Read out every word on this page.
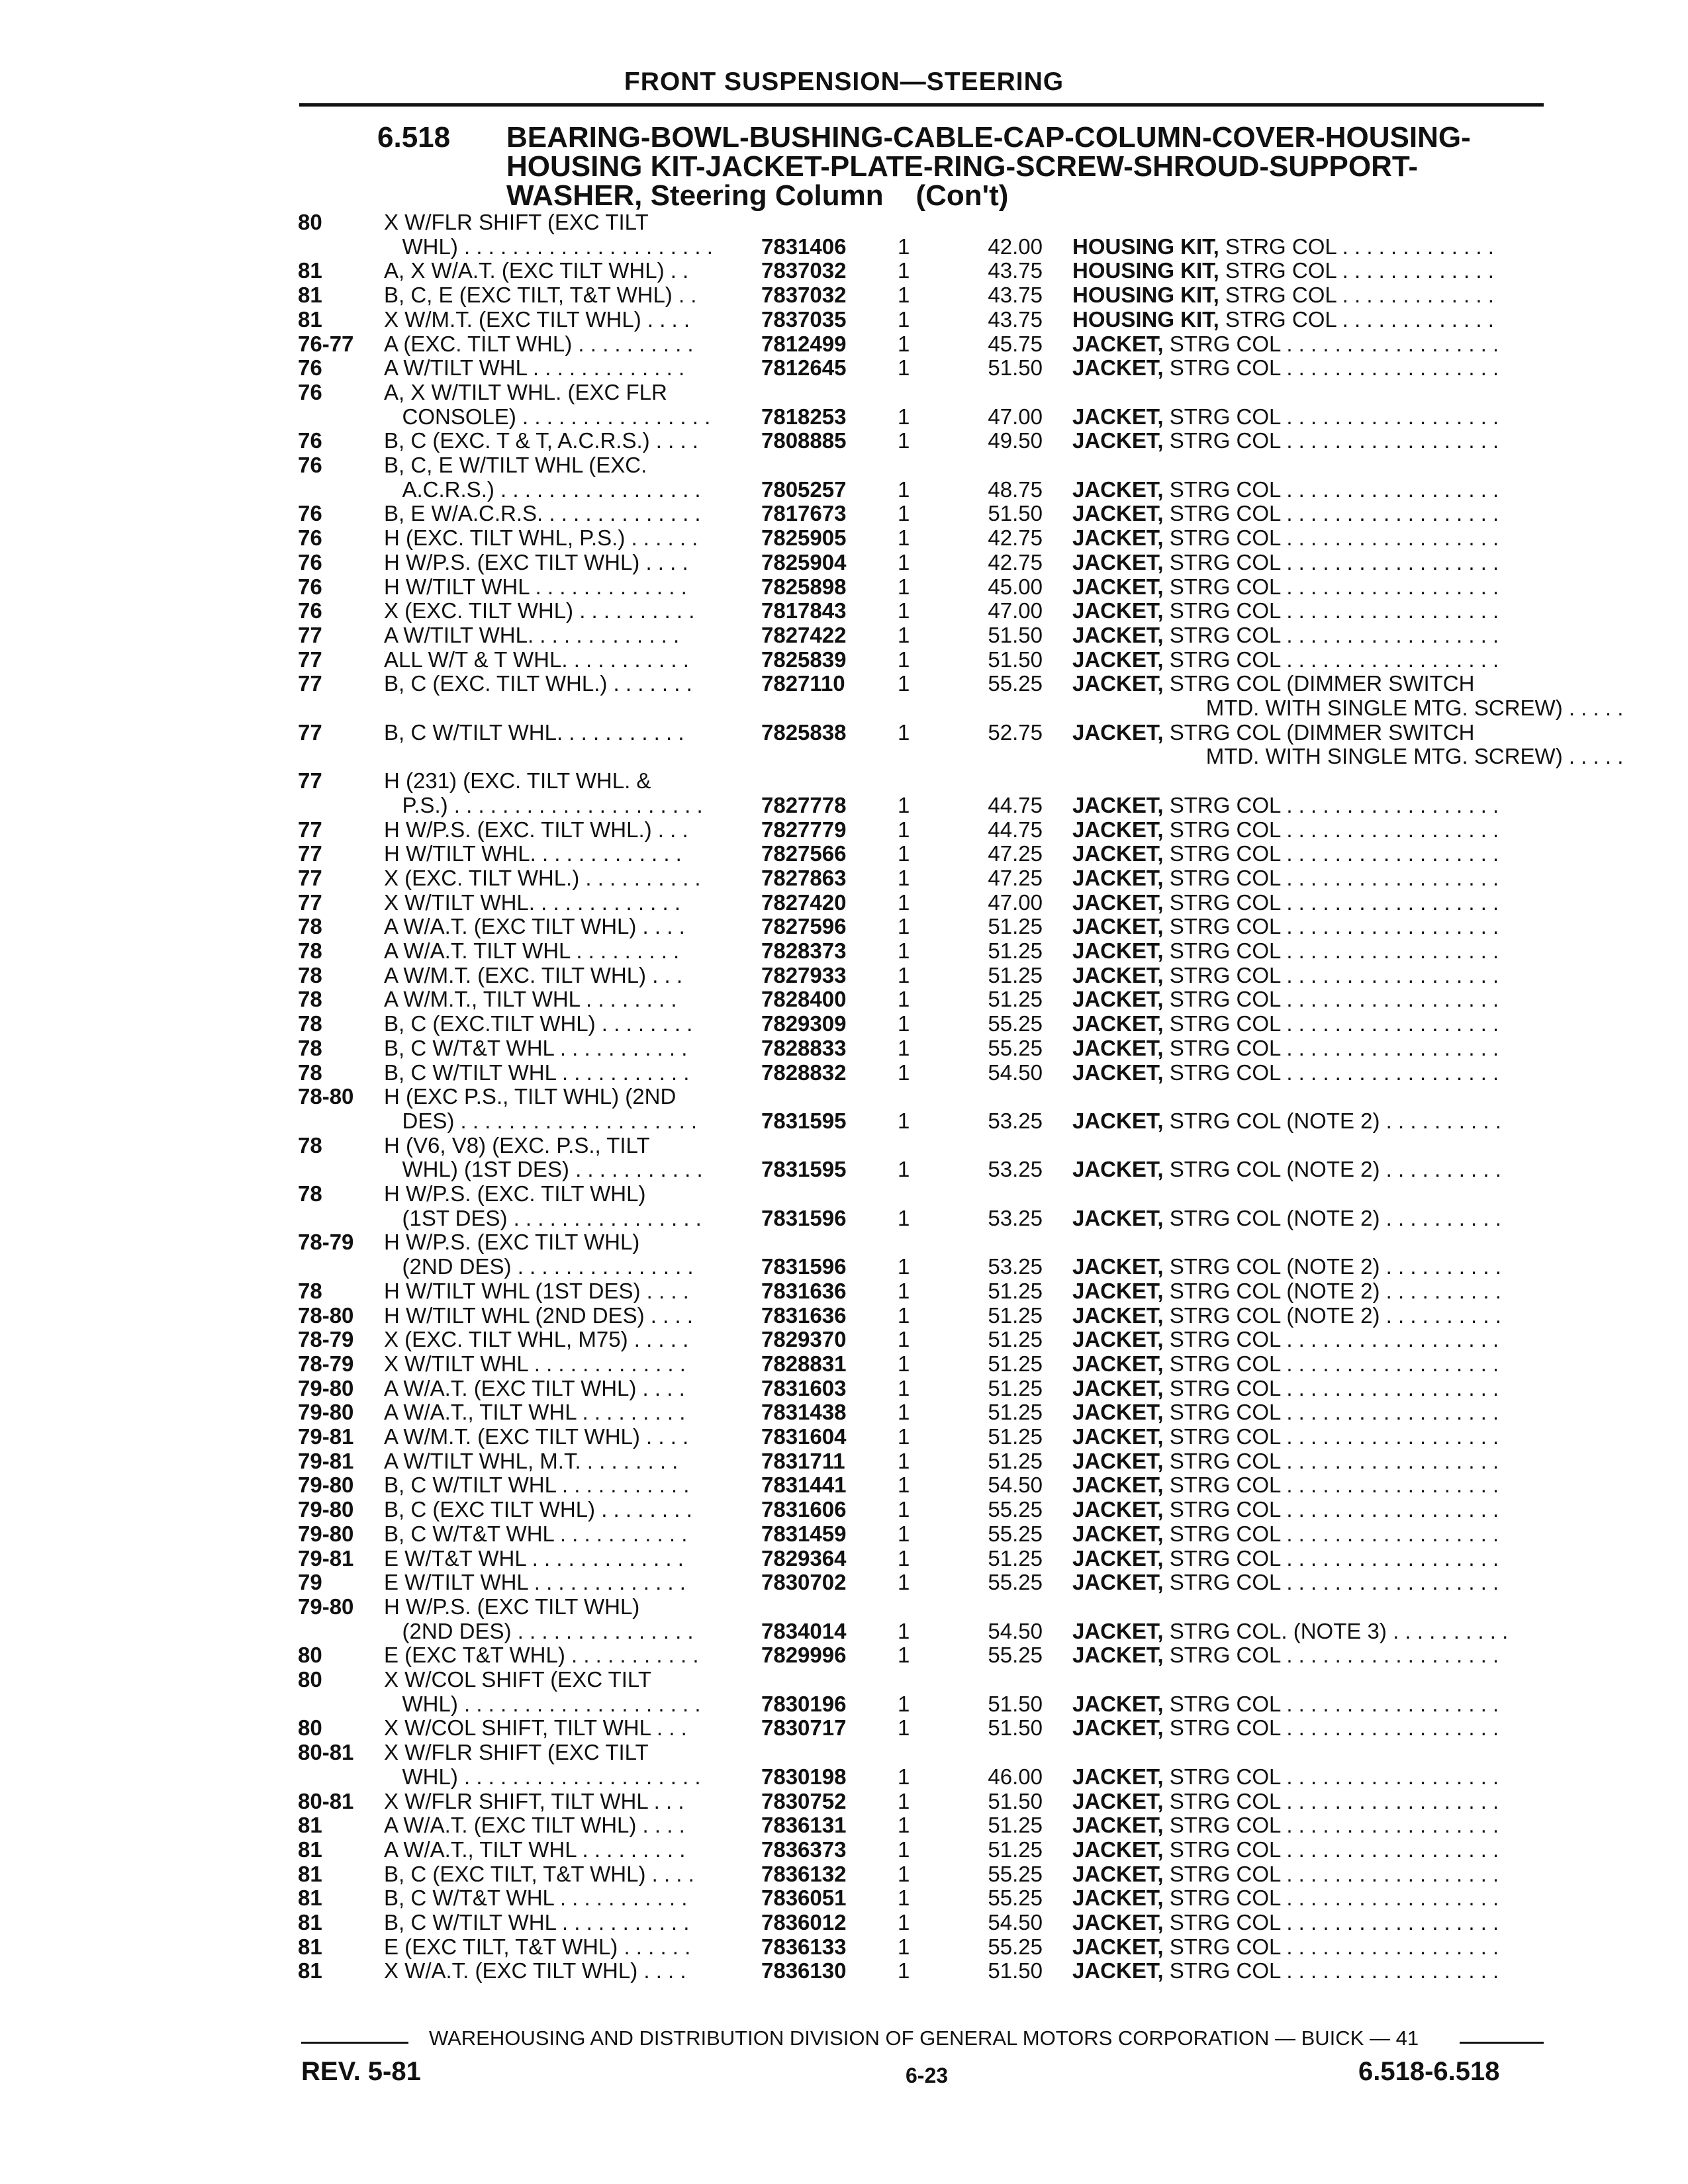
FRONT SUSPENSION—STEERING
6.518	BEARING-BOWL-BUSHING-CABLE-CAP-COLUMN-COVER-HOUSING-
HOUSING KIT-JACKET-PLATE-RING-SCREW-SHROUD-SUPPORT-
WASHER, Steering Column    (Con't)
80	X W/FLR SHIFT (EXC TILT
WHL) . . . . . . . . . . . . . . . . . . . . . 7831406 1	42.00 HOUSING KIT, STRG COL . . . . . . . . . . . . .
81	A, X W/A.T. (EXC TILT WHL) . .	7837032 1	43.75 HOUSING KIT, STRG COL . . . . . . . . . . . . .
81	B, C, E (EXC TILT, T&T WHL) . .	7837032 1	43.75 HOUSING KIT, STRG COL . . . . . . . . . . . . .
81	X W/M.T. (EXC TILT WHL) . . . .	7837035 1	43.75 HOUSING KIT, STRG COL . . . . . . . . . . . . .
76-77 A (EXC. TILT WHL) . . . . . . . . . .	7812499 1	45.75 JACKET, STRG COL . . . . . . . . . . . . . . . . . .
76	A W/TILT WHL . . . . . . . . . . . . .	7812645 1	51.50 JACKET, STRG COL . . . . . . . . . . . . . . . . . .
76	A, X W/TILT WHL. (EXC FLR
CONSOLE) . . . . . . . . . . . . . . . . 7818253 1	47.00 JACKET, STRG COL . . . . . . . . . . . . . . . . . .
76	B, C (EXC. T & T, A.C.R.S.) . . . .	7808885 1	49.50 JACKET, STRG COL . . . . . . . . . . . . . . . . . .
76	B, C, E W/TILT WHL (EXC.
A.C.R.S.) . . . . . . . . . . . . . . . . .	7805257 1	48.75 JACKET, STRG COL . . . . . . . . . . . . . . . . . .
76	B, E W/A.C.R.S. . . . . . . . . . . . . .	7817673 1	51.50 JACKET, STRG COL . . . . . . . . . . . . . . . . . .
76	H (EXC. TILT WHL, P.S.) . . . . . .	7825905 1	42.75 JACKET, STRG COL . . . . . . . . . . . . . . . . . .
76	H W/P.S. (EXC TILT WHL) . . . .	7825904 1	42.75 JACKET, STRG COL . . . . . . . . . . . . . . . . . .
76	H W/TILT WHL . . . . . . . . . . . . .	7825898 1	45.00 JACKET, STRG COL . . . . . . . . . . . . . . . . . .
76	X (EXC. TILT WHL) . . . . . . . . . .	7817843 1	47.00 JACKET, STRG COL . . . . . . . . . . . . . . . . . .
77	A W/TILT WHL. . . . . . . . . . . . .	7827422 1	51.50 JACKET, STRG COL . . . . . . . . . . . . . . . . . .
77	ALL W/T & T WHL. . . . . . . . . . .	7825839 1	51.50 JACKET, STRG COL . . . . . . . . . . . . . . . . . .
77	B, C (EXC. TILT WHL.) . . . . . . .	7827110 1	55.25 JACKET, STRG COL (DIMMER SWITCH
MTD. WITH SINGLE MTG. SCREW) . . . . .
77	B, C W/TILT WHL. . . . . . . . . . .	7825838 1	52.75 JACKET, STRG COL (DIMMER SWITCH
MTD. WITH SINGLE MTG. SCREW) . . . . .
77	H (231) (EXC. TILT WHL. &
P.S.) . . . . . . . . . . . . . . . . . . . . .	7827778 1	44.75 JACKET, STRG COL . . . . . . . . . . . . . . . . . .
77	H W/P.S. (EXC. TILT WHL.) . . .	7827779 1	44.75 JACKET, STRG COL . . . . . . . . . . . . . . . . . .
77	H W/TILT WHL. . . . . . . . . . . . .	7827566 1	47.25 JACKET, STRG COL . . . . . . . . . . . . . . . . . .
77	X (EXC. TILT WHL.) . . . . . . . . . .	7827863 1	47.25 JACKET, STRG COL . . . . . . . . . . . . . . . . . .
77	X W/TILT WHL. . . . . . . . . . . . .	7827420 1	47.00 JACKET, STRG COL . . . . . . . . . . . . . . . . . .
78	A W/A.T. (EXC TILT WHL) . . . .	7827596 1	51.25 JACKET, STRG COL . . . . . . . . . . . . . . . . . .
78	A W/A.T. TILT WHL . . . . . . . . .	7828373 1	51.25 JACKET, STRG COL . . . . . . . . . . . . . . . . . .
78	A W/M.T. (EXC. TILT WHL) . . .	7827933 1	51.25 JACKET, STRG COL . . . . . . . . . . . . . . . . . .
78	A W/M.T., TILT WHL . . . . . . . .	7828400 1	51.25 JACKET, STRG COL . . . . . . . . . . . . . . . . . .
78	B, C (EXC.TILT WHL) . . . . . . . .	7829309 1	55.25 JACKET, STRG COL . . . . . . . . . . . . . . . . . .
78	B, C W/T&T WHL . . . . . . . . . . .	7828833 1	55.25 JACKET, STRG COL . . . . . . . . . . . . . . . . . .
78	B, C W/TILT WHL . . . . . . . . . . .	7828832 1	54.50 JACKET, STRG COL . . . . . . . . . . . . . . . . . .
78-80 H (EXC P.S., TILT WHL) (2ND
DES) . . . . . . . . . . . . . . . . . . . .	7831595 1	53.25 JACKET, STRG COL (NOTE 2) . . . . . . . . . .
78	H (V6, V8) (EXC. P.S., TILT
WHL) (1ST DES) . . . . . . . . . . .	7831595 1	53.25 JACKET, STRG COL (NOTE 2) . . . . . . . . . .
78	H W/P.S. (EXC. TILT WHL)
(1ST DES) . . . . . . . . . . . . . . . .	7831596 1	53.25 JACKET, STRG COL (NOTE 2) . . . . . . . . . .
78-79 H W/P.S. (EXC TILT WHL)
(2ND DES) . . . . . . . . . . . . . . .	7831596 1	53.25 JACKET, STRG COL (NOTE 2) . . . . . . . . . .
78	H W/TILT WHL (1ST DES) . . . .	7831636 1	51.25 JACKET, STRG COL (NOTE 2) . . . . . . . . . .
78-80 H W/TILT WHL (2ND DES) . . . .	7831636 1	51.25 JACKET, STRG COL (NOTE 2) . . . . . . . . . .
78-79 X (EXC. TILT WHL, M75) . . . . .	7829370 1	51.25 JACKET, STRG COL . . . . . . . . . . . . . . . . . .
78-79 X W/TILT WHL . . . . . . . . . . . . .	7828831 1	51.25 JACKET, STRG COL . . . . . . . . . . . . . . . . . .
79-80 A W/A.T. (EXC TILT WHL) . . . .	7831603 1	51.25 JACKET, STRG COL . . . . . . . . . . . . . . . . . .
79-80 A W/A.T., TILT WHL . . . . . . . . .	7831438 1	51.25 JACKET, STRG COL . . . . . . . . . . . . . . . . . .
79-81 A W/M.T. (EXC TILT WHL) . . . .	7831604 1	51.25 JACKET, STRG COL . . . . . . . . . . . . . . . . . .
79-81 A W/TILT WHL, M.T. . . . . . . . .	7831711 1	51.25 JACKET, STRG COL . . . . . . . . . . . . . . . . . .
79-80 B, C W/TILT WHL . . . . . . . . . . .	7831441 1	54.50 JACKET, STRG COL . . . . . . . . . . . . . . . . . .
79-80 B, C (EXC TILT WHL) . . . . . . . .	7831606 1	55.25 JACKET, STRG COL . . . . . . . . . . . . . . . . . .
79-80 B, C W/T&T WHL . . . . . . . . . . .	7831459 1	55.25 JACKET, STRG COL . . . . . . . . . . . . . . . . . .
79-81 E W/T&T WHL . . . . . . . . . . . . .	7829364 1	51.25 JACKET, STRG COL . . . . . . . . . . . . . . . . . .
79	E W/TILT WHL . . . . . . . . . . . . .	7830702 1	55.25 JACKET, STRG COL . . . . . . . . . . . . . . . . . .
79-80 H W/P.S. (EXC TILT WHL)
(2ND DES) . . . . . . . . . . . . . . .	7834014 1	54.50 JACKET, STRG COL. (NOTE 3) . . . . . . . . . .
80	E (EXC T&T WHL) . . . . . . . . . . .	7829996 1	55.25 JACKET, STRG COL . . . . . . . . . . . . . . . . . .
80	X W/COL SHIFT (EXC TILT
WHL) . . . . . . . . . . . . . . . . . . . .	7830196 1	51.50 JACKET, STRG COL . . . . . . . . . . . . . . . . . .
80	X W/COL SHIFT, TILT WHL . . .	7830717 1	51.50 JACKET, STRG COL . . . . . . . . . . . . . . . . . .
80-81 X W/FLR SHIFT (EXC TILT
WHL) . . . . . . . . . . . . . . . . . . . .	7830198 1	46.00 JACKET, STRG COL . . . . . . . . . . . . . . . . . .
80-81 X W/FLR SHIFT, TILT WHL . . .	7830752 1	51.50 JACKET, STRG COL . . . . . . . . . . . . . . . . . .
81	A W/A.T. (EXC TILT WHL) . . . .	7836131 1	51.25 JACKET, STRG COL . . . . . . . . . . . . . . . . . .
81	A W/A.T., TILT WHL . . . . . . . . .	7836373 1	51.25 JACKET, STRG COL . . . . . . . . . . . . . . . . . .
81	B, C (EXC TILT, T&T WHL) . . . .	7836132 1	55.25 JACKET, STRG COL . . . . . . . . . . . . . . . . . .
81	B, C W/T&T WHL . . . . . . . . . . .	7836051 1	55.25 JACKET, STRG COL . . . . . . . . . . . . . . . . . .
81	B, C W/TILT WHL . . . . . . . . . . .	7836012 1	54.50 JACKET, STRG COL . . . . . . . . . . . . . . . . . .
81	E (EXC TILT, T&T WHL) . . . . . .	7836133 1	55.25 JACKET, STRG COL . . . . . . . . . . . . . . . . . .
81	X W/A.T. (EXC TILT WHL) . . . .	7836130 1	51.50 JACKET, STRG COL . . . . . . . . . . . . . . . . . .
WAREHOUSING AND DISTRIBUTION DIVISION OF GENERAL MOTORS CORPORATION — BUICK — 41
REV. 5-81	6-23	6.518-6.518
